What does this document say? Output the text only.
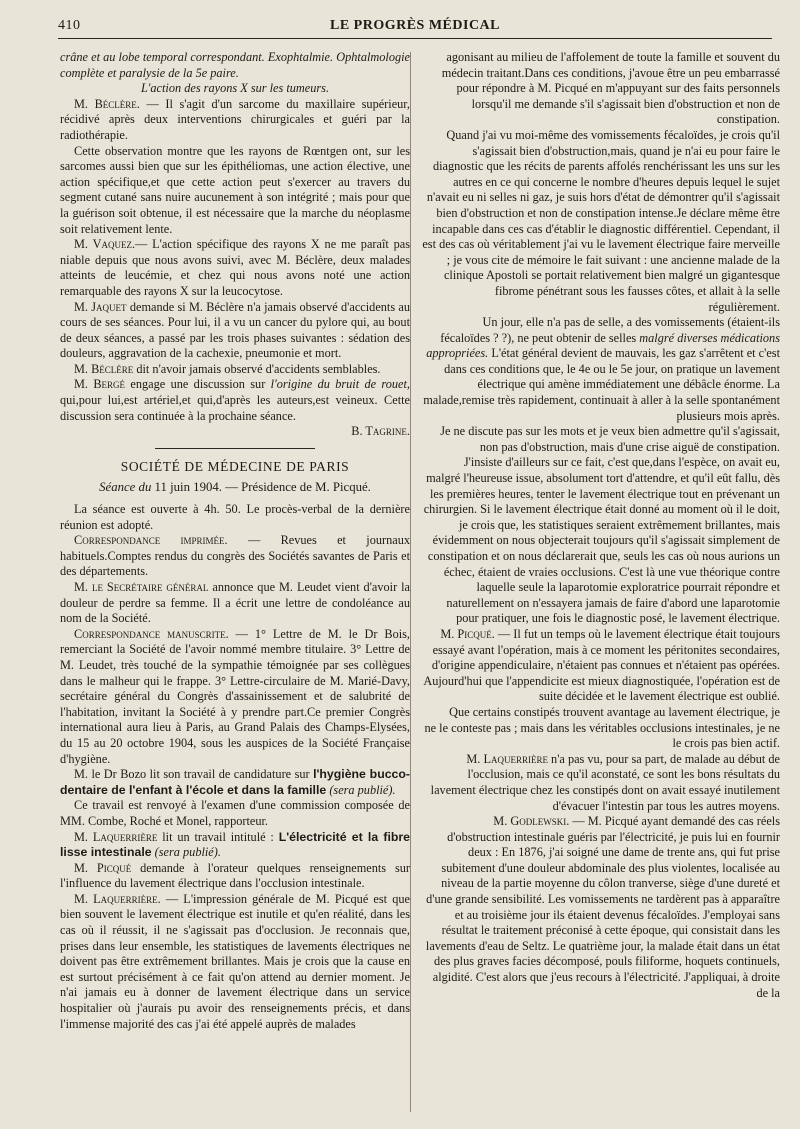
410	LE PROGRÈS MÉDICAL

crâne et au lobe temporal correspondant. Exophtalmie. Ophtalmologie complète et paralysie de la 5e paire.

L'action des rayons X sur les tumeurs.

M. Béclère. — Il s'agit d'un sarcome du maxillaire supérieur, récidivé après deux interventions chirurgicales et guéri par la radiothérapie.

Cette observation montre que les rayons de Rœntgen ont, sur les sarcomes aussi bien que sur les épithéliomas, une action élective, une action spécifique,et que cette action peut s'exercer au travers du segment cutané sans nuire aucunement à son intégrité ; mais pour que la guérison soit obtenue, il est nécessaire que la marche du néoplasme soit relativement lente.

M. Vaquez.— L'action spécifique des rayons X ne me paraît pas niable depuis que nous avons suivi, avec M. Béclère, deux malades atteints de leucémie, et chez qui nous avons noté une action remarquable des rayons X sur la leucocytose.

M. Jaquet demande si M. Béclère n'a jamais observé d'accidents au cours de ses séances. Pour lui, il a vu un cancer du pylore qui, au bout de deux séances, a passé par les trois phases suivantes : sédation des douleurs, aggravation de la cachexie, pneumonie et mort.

M. Béclère dit n'avoir jamais observé d'accidents semblables.

M. Bergé engage une discussion sur l'origine du bruit de rouet, qui,pour lui,est artériel,et qui,d'après les auteurs,est veineux. Cette discussion sera continuée à la prochaine séance.

B. Tagrine.

SOCIÉTÉ DE MÉDECINE DE PARIS

Séance du 11 juin 1904. — Présidence de M. Picqué.

La séance est ouverte à 4h. 50. Le procès-verbal de la dernière réunion est adopté.

Correspondance imprimée. — Revues et journaux habituels.Comptes rendus du congrès des Sociétés savantes de Paris et des départements.

M. le Secrétaire général annonce que M. Leudet vient d'avoir la douleur de perdre sa femme. Il a écrit une lettre de condoléance au nom de la Société.

Correspondance manuscrite. — 1° Lettre de M. le Dr Bois, remerciant la Société de l'avoir nommé membre titulaire. 3° Lettre de M. Leudet, très touché de la sympathie témoignée par ses collègues dans le malheur qui le frappe. 3° Lettre-circulaire de M. Marié-Davy, secrétaire général du Congrès d'assainissement et de salubrité de l'habitation, invitant la Société à y prendre part.Ce premier Congrès international aura lieu à Paris, au Grand Palais des Champs-Elysées, du 15 au 20 octobre 1904, sous les auspices de la Société Française d'hygiène.

M. le Dr Bozo lit son travail de candidature sur l'hygiène bucco-dentaire de l'enfant à l'école et dans la famille (sera publié).

Ce travail est renvoyé à l'examen d'une commission composée de MM. Combe, Roché et Monel, rapporteur.

M. Laquerrière lit un travail intitulé : L'électricité et la fibre lisse intestinale (sera publié).

M. Picqué demande à l'orateur quelques renseignements sur l'influence du lavement électrique dans l'occlusion intestinale.

M. Laquerrière. — L'impression générale de M. Picqué est que bien souvent le lavement électrique est inutile et qu'en réalité, dans les cas où il réussit, il ne s'agissait pas d'occlusion. Je reconnais que, prises dans leur ensemble, les statistiques de lavements électriques ne doivent pas être extrêmement brillantes. Mais je crois que la cause en est surtout précisément à ce fait qu'on attend au dernier moment. Je n'ai jamais eu à donner de lavement électrique dans un service hospitalier où j'aurais pu avoir des renseignements précis, et dans l'immense majorité des cas j'ai été appelé auprès de malades

agonisant au milieu de l'affolement de toute la famille et souvent du médecin traitant.Dans ces conditions, j'avoue être un peu embarrassé pour répondre à M. Picqué en m'appuyant sur des faits personnels lorsqu'il me demande s'il s'agissait bien d'obstruction et non de constipation.

Quand j'ai vu moi-même des vomissements fécaloïdes, je crois qu'il s'agissait bien d'obstruction,mais, quand je n'ai eu pour faire le diagnostic que les récits de parents affolés renchérissant les uns sur les autres en ce qui concerne le nombre d'heures depuis lequel le sujet n'avait eu ni selles ni gaz, je suis hors d'état de démontrer qu'il s'agissait bien d'obstruction et non de constipation intense.Je déclare même être incapable dans ces cas d'établir le diagnostic différentiel. Cependant, il est des cas où véritablement j'ai vu le lavement électrique faire merveille ; je vous cite de mémoire le fait suivant : une ancienne malade de la clinique Apostoli se portait relativement bien malgré un gigantesque fibrome pénétrant sous les fausses côtes, et allait à la selle régulièrement.

Un jour, elle n'a pas de selle, a des vomissements (étaient-ils fécaloïdes ? ?), ne peut obtenir de selles malgré diverses médications appropriées. L'état général devient de mauvais, les gaz s'arrêtent et c'est dans ces conditions que, le 4e ou le 5e jour, on pratique un lavement électrique qui amène immédiatement une débâcle énorme. La malade,remise très rapidement, continuait à aller à la selle spontanément plusieurs mois après.

Je ne discute pas sur les mots et je veux bien admettre qu'il s'agissait, non pas d'obstruction, mais d'une crise aiguë de constipation.

J'insiste d'ailleurs sur ce fait, c'est que,dans l'espèce, on avait eu, malgré l'heureuse issue, absolument tort d'attendre, et qu'il eût fallu, dès les premières heures, tenter le lavement électrique tout en prévenant un chirurgien. Si le lavement électrique était donné au moment où il le doit, je crois que, les statistiques seraient extrêmement brillantes, mais évidemment on nous objecterait toujours qu'il s'agissait simplement de constipation et on nous déclarerait que, seuls les cas où nous aurions un échec, étaient de vraies occlusions. C'est là une vue théorique contre laquelle seule la laparotomie exploratrice pourrait répondre et naturellement on n'essayera jamais de faire d'abord une laparotomie pour pratiquer, une fois le diagnostic posé, le lavement électrique.

M. Picqué. — Il fut un temps où le lavement électrique était toujours essayé avant l'opération, mais à ce moment les péritonites secondaires, d'origine appendiculaire, n'étaient pas connues et n'étaient pas opérées. Aujourd'hui que l'appendicite est mieux diagnostiquée, l'opération est de suite décidée et le lavement électrique est oublié.

Que certains constipés trouvent avantage au lavement électrique, je ne le conteste pas ; mais dans les véritables occlusions intestinales, je ne le crois pas bien actif.

M. Laquerrière n'a pas vu, pour sa part, de malade au début de l'occlusion, mais ce qu'il aconstaté, ce sont les bons résultats du lavement électrique chez les constipés dont on avait essayé inutilement d'évacuer l'intestin par tous les autres moyens.

M. Godlewski. — M. Picqué ayant demandé des cas réels d'obstruction intestinale guéris par l'électricité, je puis lui en fournir deux : En 1876, j'ai soigné une dame de trente ans, qui fut prise subitement d'une douleur abdominale des plus violentes, localisée au niveau de la partie moyenne du côlon tranverse, siège d'une dureté et d'une grande sensibilité. Les vomissements ne tardèrent pas à apparaître et au troisième jour ils étaient devenus fécaloïdes. J'employai sans résultat le traitement préconisé à cette époque, qui consistait dans les lavements d'eau de Seltz. Le quatrième jour, la malade était dans un état des plus graves facies décomposé, pouls filiforme, hoquets continuels, algidité. C'est alors que j'eus recours à l'électricité. J'appliquai, à droite de la
